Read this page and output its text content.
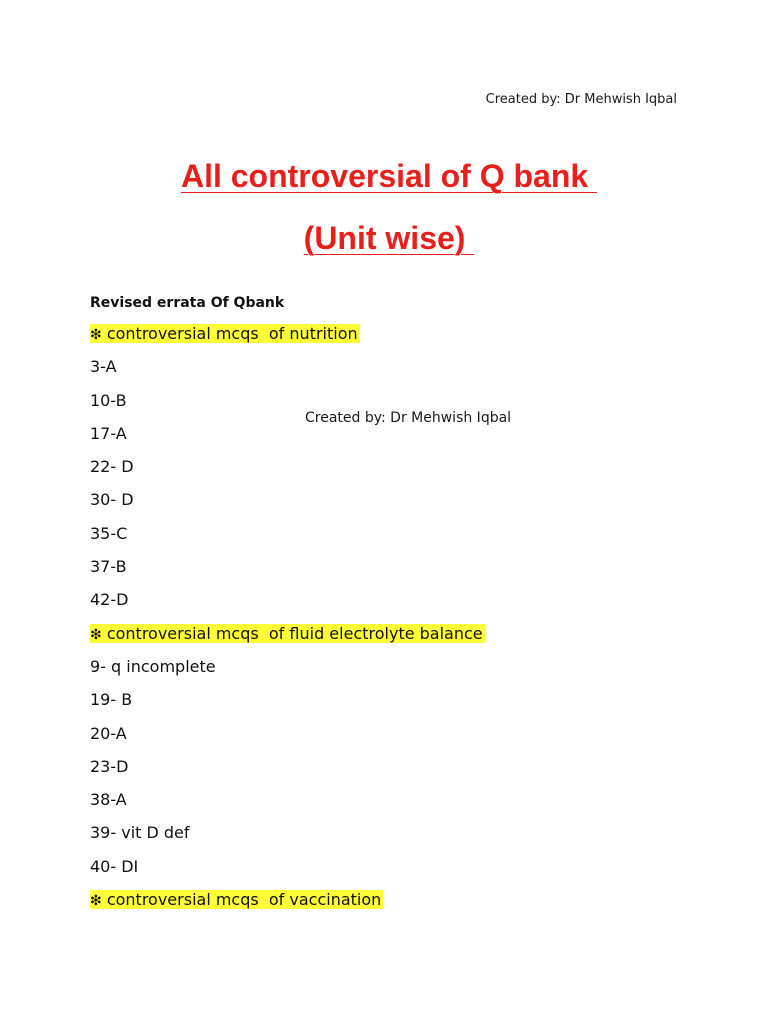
Created by: Dr Mehwish Iqbal
All controversial of Q bank
(Unit wise)
Revised errata Of Qbank
❇ controversial mcqs  of nutrition
3-A
10-B
17-A
22- D
30- D
35-C
37-B
42-D
❇ controversial mcqs  of fluid electrolyte balance
9- q incomplete
19- B
20-A
23-D
38-A
39- vit D def
40- DI
❇ controversial mcqs  of vaccination
Created by: Dr Mehwish Iqbal
